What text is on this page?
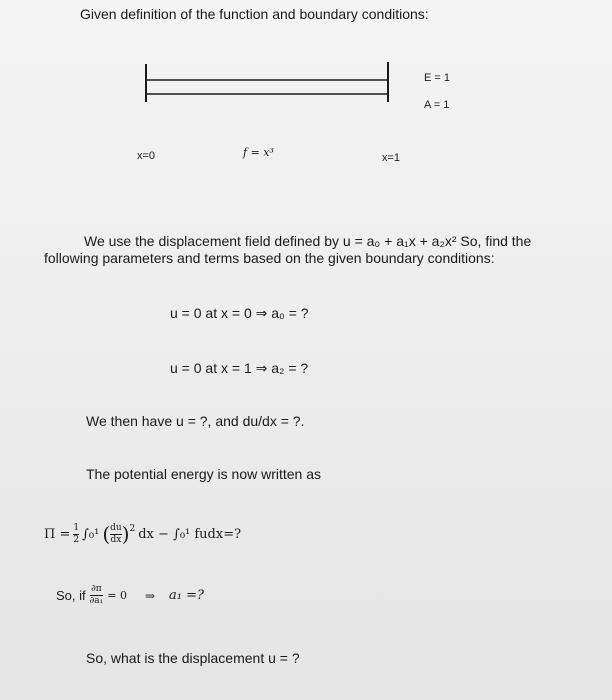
Given definition of the function and boundary conditions:
E = 1
A = 1
x=0	f = x³	x=1
We use the displacement field defined by u = a₀ + a₁x + a₂x² So, find the
following parameters and terms based on the given boundary conditions:
u = 0 at x = 0 ⇒ a₀ = ?
u = 0 at x = 1 ⇒ a₂ = ?
We then have u = ?, and du/dx = ?.
The potential energy is now written as
$\Pi = \frac{1}{2} \int_0^1$ ( $\frac{du}{dx} )^2$ dx − ∫₀¹ fudx=?
So, if $\frac{\partial\pi}{\text{∂a₁}} = 0$ ⇒ a₁ =?
So, what is the displacement u = ?
